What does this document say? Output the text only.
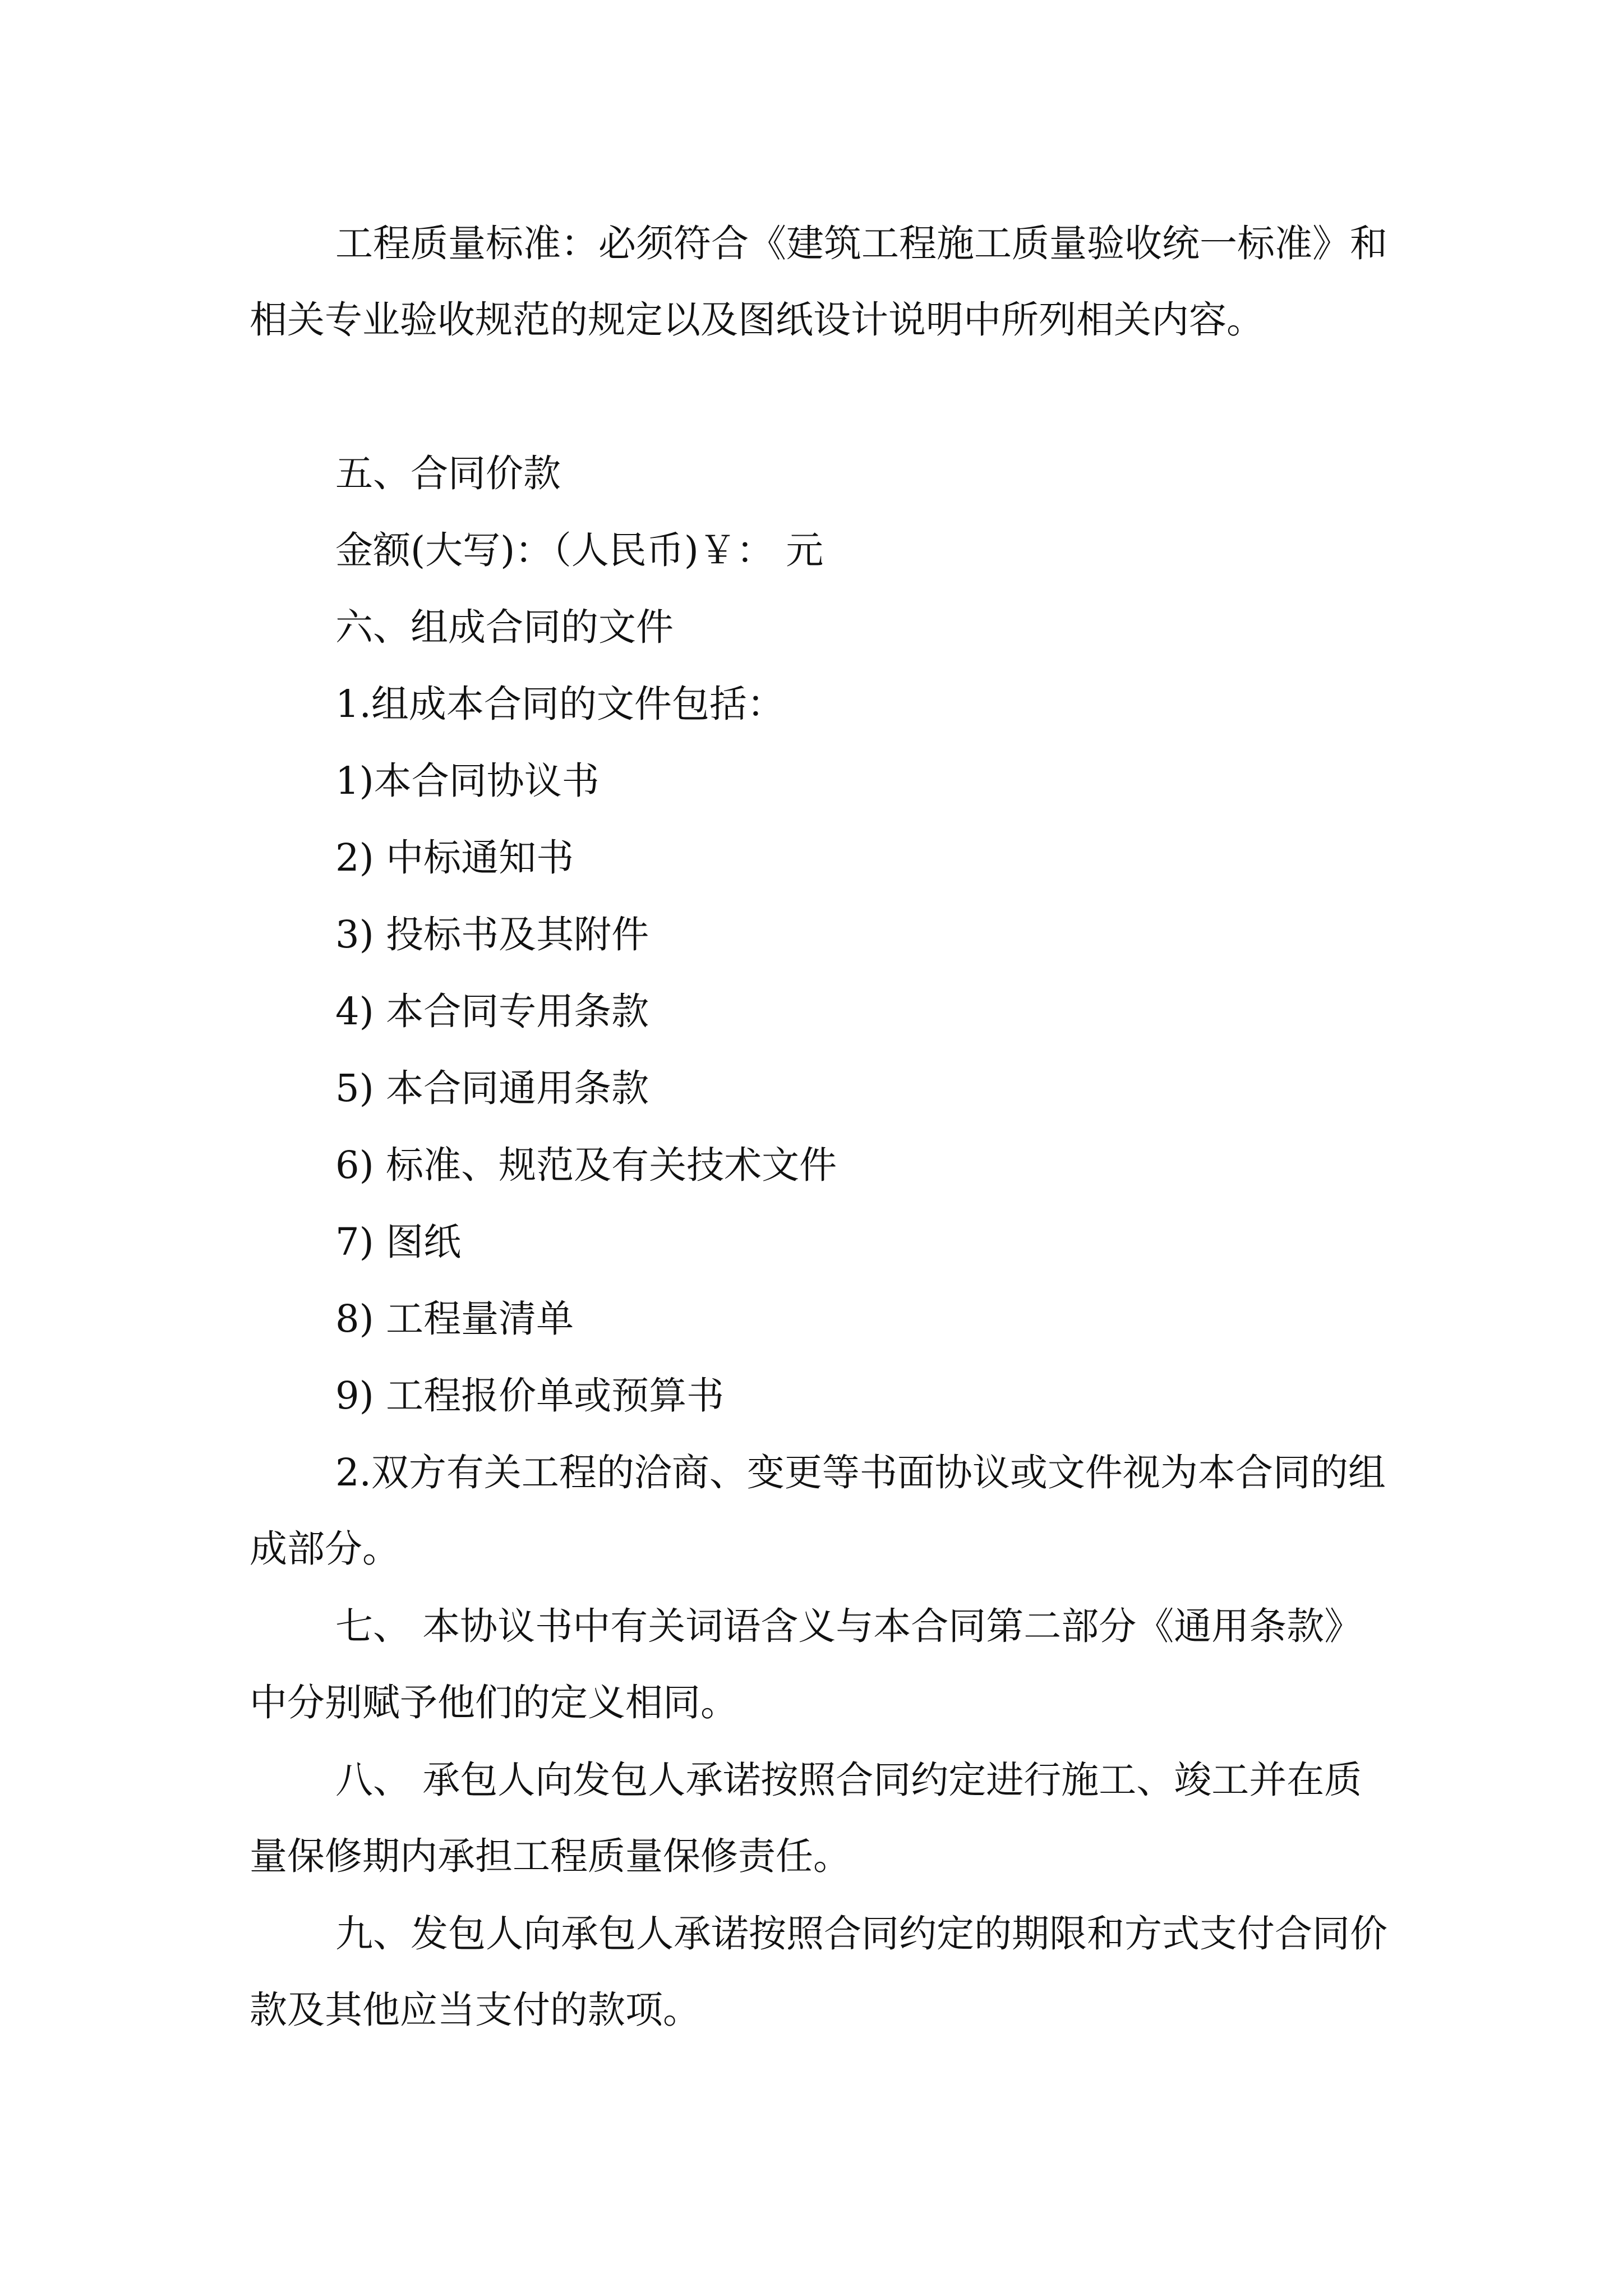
工程质量标准：必须符合《建筑工程施工质量验收统一标准》和相关专业验收规范的规定以及图纸设计说明中所列相关内容。
五、合同价款
金额(大写)：（人民币)￥： 元
六、组成合同的文件
1.组成本合同的文件包括：
1)本合同协议书
2) 中标通知书
3) 投标书及其附件
4) 本合同专用条款
5) 本合同通用条款
6) 标准、规范及有关技术文件
7) 图纸
8) 工程量清单
9) 工程报价单或预算书
2.双方有关工程的洽商、变更等书面协议或文件视为本合同的组成部分。
七、 本协议书中有关词语含义与本合同第二部分《通用条款》中分别赋予他们的定义相同。
八、 承包人向发包人承诺按照合同约定进行施工、竣工并在质量保修期内承担工程质量保修责任。
九、发包人向承包人承诺按照合同约定的期限和方式支付合同价款及其他应当支付的款项。
